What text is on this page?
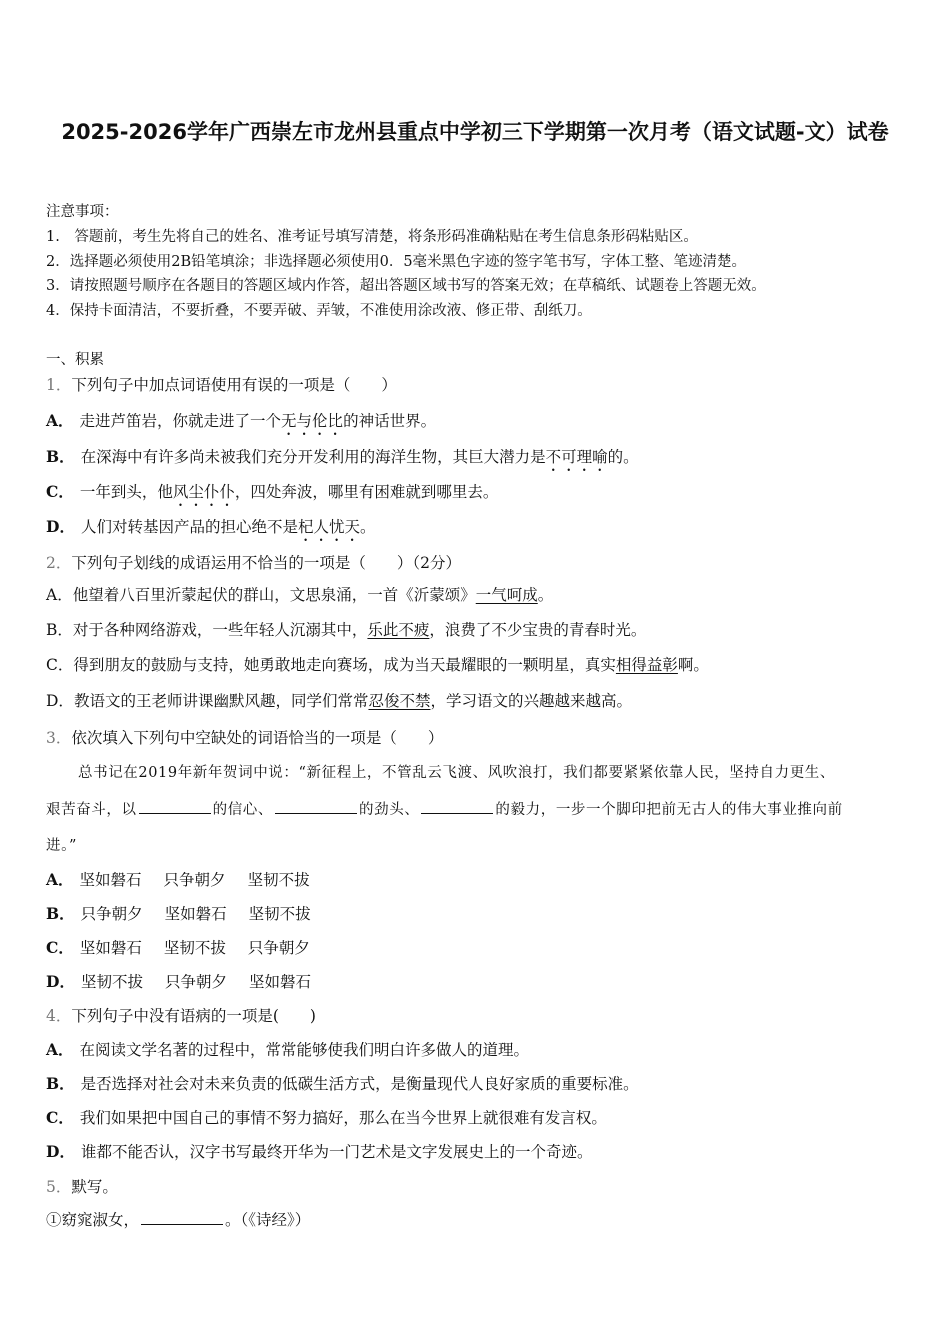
2025-2026学年广西崇左市龙州县重点中学初三下学期第一次月考（语文试题-文）试卷
注意事项：
1.　答题前，考生先将自己的姓名、准考证号填写清楚，将条形码准确粘贴在考生信息条形码粘贴区。
2．选择题必须使用2B铅笔填涂；非选择题必须使用0．5毫米黑色字迹的签字笔书写，字体工整、笔迹清楚。
3．请按照题号顺序在各题目的答题区域内作答，超出答题区域书写的答案无效；在草稿纸、试题卷上答题无效。
4．保持卡面清洁，不要折叠，不要弄破、弄皱，不准使用涂改液、修正带、刮纸刀。
一、积累
1．下列句子中加点词语使用有误的一项是（　　）
A． 走进芦笛岩，你就走进了一个无与伦比的神话世界。
B． 在深海中有许多尚未被我们充分开发利用的海洋生物，其巨大潜力是不可理喻的。
C． 一年到头，他风尘仆仆，四处奔波，哪里有困难就到哪里去。
D． 人们对转基因产品的担心绝不是杞人忧天。
2．下列句子划线的成语运用不恰当的一项是（　　）（2分）
A．他望着八百里沂蒙起伏的群山，文思泉涌，一首《沂蒙颂》一气呵成。
B．对于各种网络游戏，一些年轻人沉溺其中，乐此不疲，浪费了不少宝贵的青春时光。
C．得到朋友的鼓励与支持，她勇敢地走向赛场，成为当天最耀眼的一颗明星，真实相得益彰啊。
D．教语文的王老师讲课幽默风趣，同学们常常忍俊不禁，学习语文的兴趣越来越高。
3．依次填入下列句中空缺处的词语恰当的一项是（　　）
总书记在2019年新年贺词中说：“新征程上，不管乱云飞渡、风吹浪打，我们都要紧紧依靠人民，坚持自力更生、
艰苦奋斗，以	的信心、	的劲头、	的毅力，一步一个脚印把前无古人的伟大事业推向前
进。”
A． 坚如磐石 只争朝夕 坚韧不拔
B． 只争朝夕 坚如磐石 坚韧不拔
C． 坚如磐石 坚韧不拔 只争朝夕
D． 坚韧不拔 只争朝夕 坚如磐石
4．下列句子中没有语病的一项是(　　)
A． 在阅读文学名著的过程中，常常能够使我们明白许多做人的道理。
B． 是否选择对社会对未来负责的低碳生活方式，是衡量现代人良好家质的重要标准。
C． 我们如果把中国自己的事情不努力搞好，那么在当今世界上就很难有发言权。
D． 谁都不能否认，汉字书写最终开华为一门艺术是文字发展史上的一个奇迹。
5．默写。
①窈窕淑女，	。（《诗经》）
